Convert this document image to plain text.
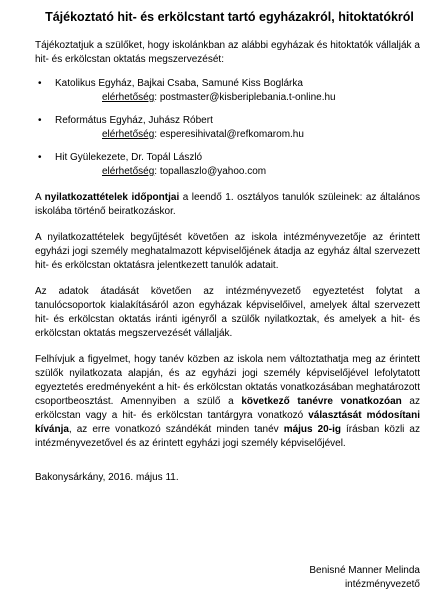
Tájékoztató hit- és erkölcstant tartó egyházakról, hitoktatókról

Tájékoztatjuk a szülőket, hogy iskolánkban az alábbi egyházak és hitoktatók vállalják a hit- és erkölcstan oktatás megszervezését:

• Katolikus Egyház, Bajkai Csaba, Samuné Kiss Boglárka
elérhetőség: postmaster@kisberiplebania.t-online.hu
• Református Egyház, Juhász Róbert
elérhetőség: esperesihivatal@refkomarom.hu
• Hit Gyülekezete, Dr. Topál László
elérhetőség: topallaszlo@yahoo.com

A nyilatkozattételek időpontjai a leendő 1. osztályos tanulók szüleinek: az általános iskolába történő beiratkozáskor.

A nyilatkozattételek begyűjtését követően az iskola intézményvezetője az érintett egyházi jogi személy meghatalmazott képviselőjének átadja az egyház által szervezett hit- és erkölcstan oktatásra jelentkezett tanulók adatait.

Az adatok átadását követően az intézményvezető egyeztetést folytat a tanulócsoportok kialakításáról azon egyházak képviselőivel, amelyek által szervezett hit- és erkölcstan oktatás iránti igényről a szülők nyilatkoztak, és amelyek a hit- és erkölcstan oktatás megszervezését vállalják.

Felhívjuk a figyelmet, hogy tanév közben az iskola nem változtathatja meg az érintett szülők nyilatkozata alapján, és az egyházi jogi személy képviselőjével lefolytatott egyeztetés eredményeként a hit- és erkölcstan oktatás vonatkozásában meghatározott csoportbeosztást. Amennyiben a szülő a következő tanévre vonatkozóan az erkölcstan vagy a hit- és erkölcstan tantárgyra vonatkozó választását módosítani kívánja, az erre vonatkozó szándékát minden tanév május 20-ig írásban közli az intézményvezetővel és az érintett egyházi jogi személy képviselőjével.

Bakonysárkány, 2016. május 11.

Benisné Manner Melinda
intézményvezető
